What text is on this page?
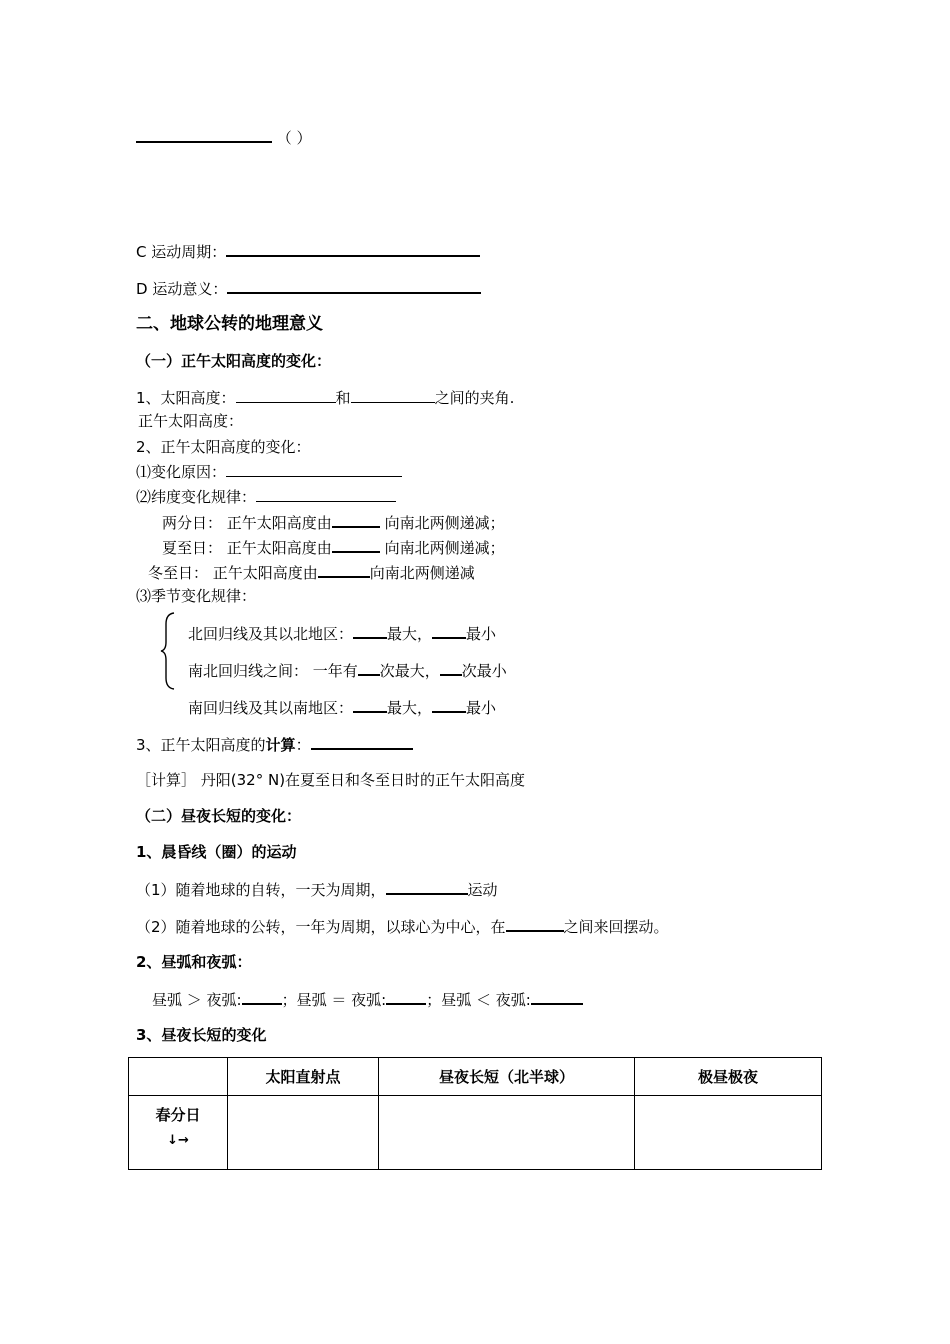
（ ）
C 运动周期：
D 运动意义：
二、地球公转的地理意义
（一）正午太阳高度的变化：
1、太阳高度：	和	之间的夹角.
正午太阳高度：
2、正午太阳高度的变化：
⑴变化原因：
⑵纬度变化规律：
两分日： 正午太阳高度由	向南北两侧递减；
夏至日： 正午太阳高度由	向南北两侧递减；
冬至日： 正午太阳高度由	向南北两侧递减
⑶季节变化规律：
北回归线及其以北地区： 最大， 最小
南北回归线之间： 一年有 次最大， 次最小
南回归线及其以南地区： 最大， 最小
3、正午太阳高度的计算：
［计算］ 丹阳(32° N)在夏至日和冬至日时的正午太阳高度
（二）昼夜长短的变化：
1、晨昏线（圈）的运动
（1）随着地球的自转，一天为周期，	运动
（2）随着地球的公转，一年为周期，以球心为中心，在	之间来回摆动。
2、昼弧和夜弧：
昼弧 ＞ 夜弧:	；昼弧 ＝ 夜弧:	；昼弧 ＜ 夜弧:
3、昼夜长短的变化
	太阳直射点	昼夜长短（北半球）	极昼极夜
春分日
↓→			
